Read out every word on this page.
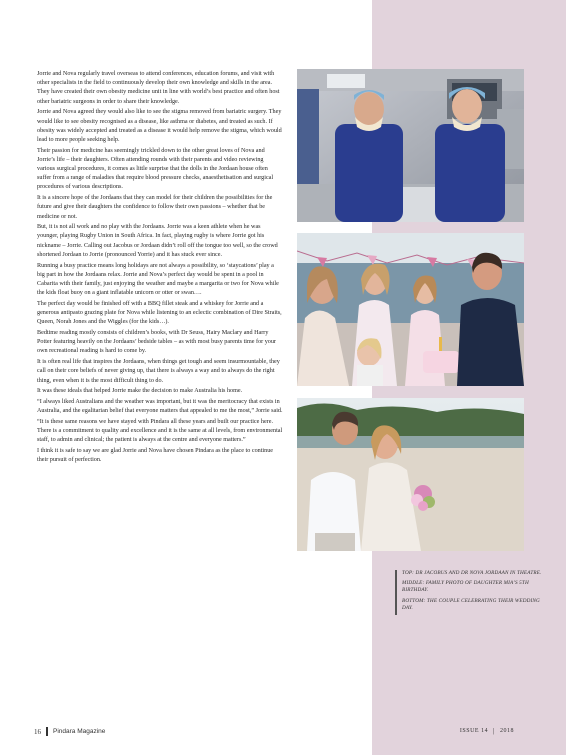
Jorrie and Nova regularly travel overseas to attend conferences, education forums, and visit with other specialists in the field to continuously develop their own knowledge and skills in the area. They have created their own obesity medicine unit in line with world’s best practice and often host other bariatric surgeons in order to share their knowledge.

Jorrie and Nova agreed they would also like to see the stigma removed from bariatric surgery. They would like to see obesity recognised as a disease, like asthma or diabetes, and treated as such. If obesity was widely accepted and treated as a disease it would help remove the stigma, which would lead to more people seeking help.

Their passion for medicine has seemingly trickled down to the other great loves of Nova and Jorrie’s life – their daughters. Often attending rounds with their parents and video reviewing various surgical procedures, it comes as little surprise that the dolls in the Jordaan house often suffer from a range of maladies that require blood pressure checks, anaesthetisation and surgical procedures of various descriptions.

It is a sincere hope of the Jordaans that they can model for their children the possibilities for the future and give their daughters the confidence to follow their own passions – whether that be medicine or not.

But, it is not all work and no play with the Jordaans. Jorrie was a keen athlete when he was younger, playing Rugby Union in South Africa. In fact, playing rugby is where Jorrie got his nickname – Jorrie. Calling out Jacobus or Jordaan didn’t roll off the tongue too well, so the crowd shortened Jordaan to Jorrie (pronounced Yorrie) and it has stuck ever since.

Running a busy practice means long holidays are not always a possibility, so ‘staycations’ play a big part in how the Jordaans relax. Jorrie and Nova’s perfect day would be spent in a pool in Cabarita with their family, just enjoying the weather and maybe a margarita or two for Nova while the kids float buoy on a giant inflatable unicorn or otter or swan….

The perfect day would be finished off with a BBQ fillet steak and a whiskey for Jorrie and a generous antipasto grazing plate for Nova while listening to an eclectic combination of Dire Straits, Queen, Norah Jones and the Wiggles (for the kids…).

Bedtime reading mostly consists of children’s books, with Dr Seuss, Hairy Maclary and Harry Potter featuring heavily on the Jordaans’ bedside tables – as with most busy parents time for your own recreational reading is hard to come by.

It is often real life that inspires the Jordaans, when things get tough and seem insurmountable, they call on their core beliefs of never giving up, that there is always a way and to always do the right thing, even when it is the most difficult thing to do.

It was these ideals that helped Jorrie make the decision to make Australia his home.

“I always liked Australians and the weather was important, but it was the meritocracy that exists in Australia, and the egalitarian belief that everyone matters that appealed to me the most,” Jorrie said.

“It is these same reasons we have stayed with Pindara all these years and built our practice here. There is a commitment to quality and excellence and it is the same at all levels, from environmental staff, to admin and clinical; the patient is always at the centre and everyone matters.”

I think it is safe to say we are glad Jorrie and Nova have chosen Pindara as the place to continue their pursuit of perfection.

TOP: DR JACOBUS AND DR NOVA JORDAAN IN THEATRE.

MIDDLE: FAMILY PHOTO OF DAUGHTER MIA’S 5TH BIRTHDAY.

BOTTOM: THE COUPLE CELEBRATING THEIR WEDDING DAY.

16 Pindara Magazine	ISSUE 14 | 2018
